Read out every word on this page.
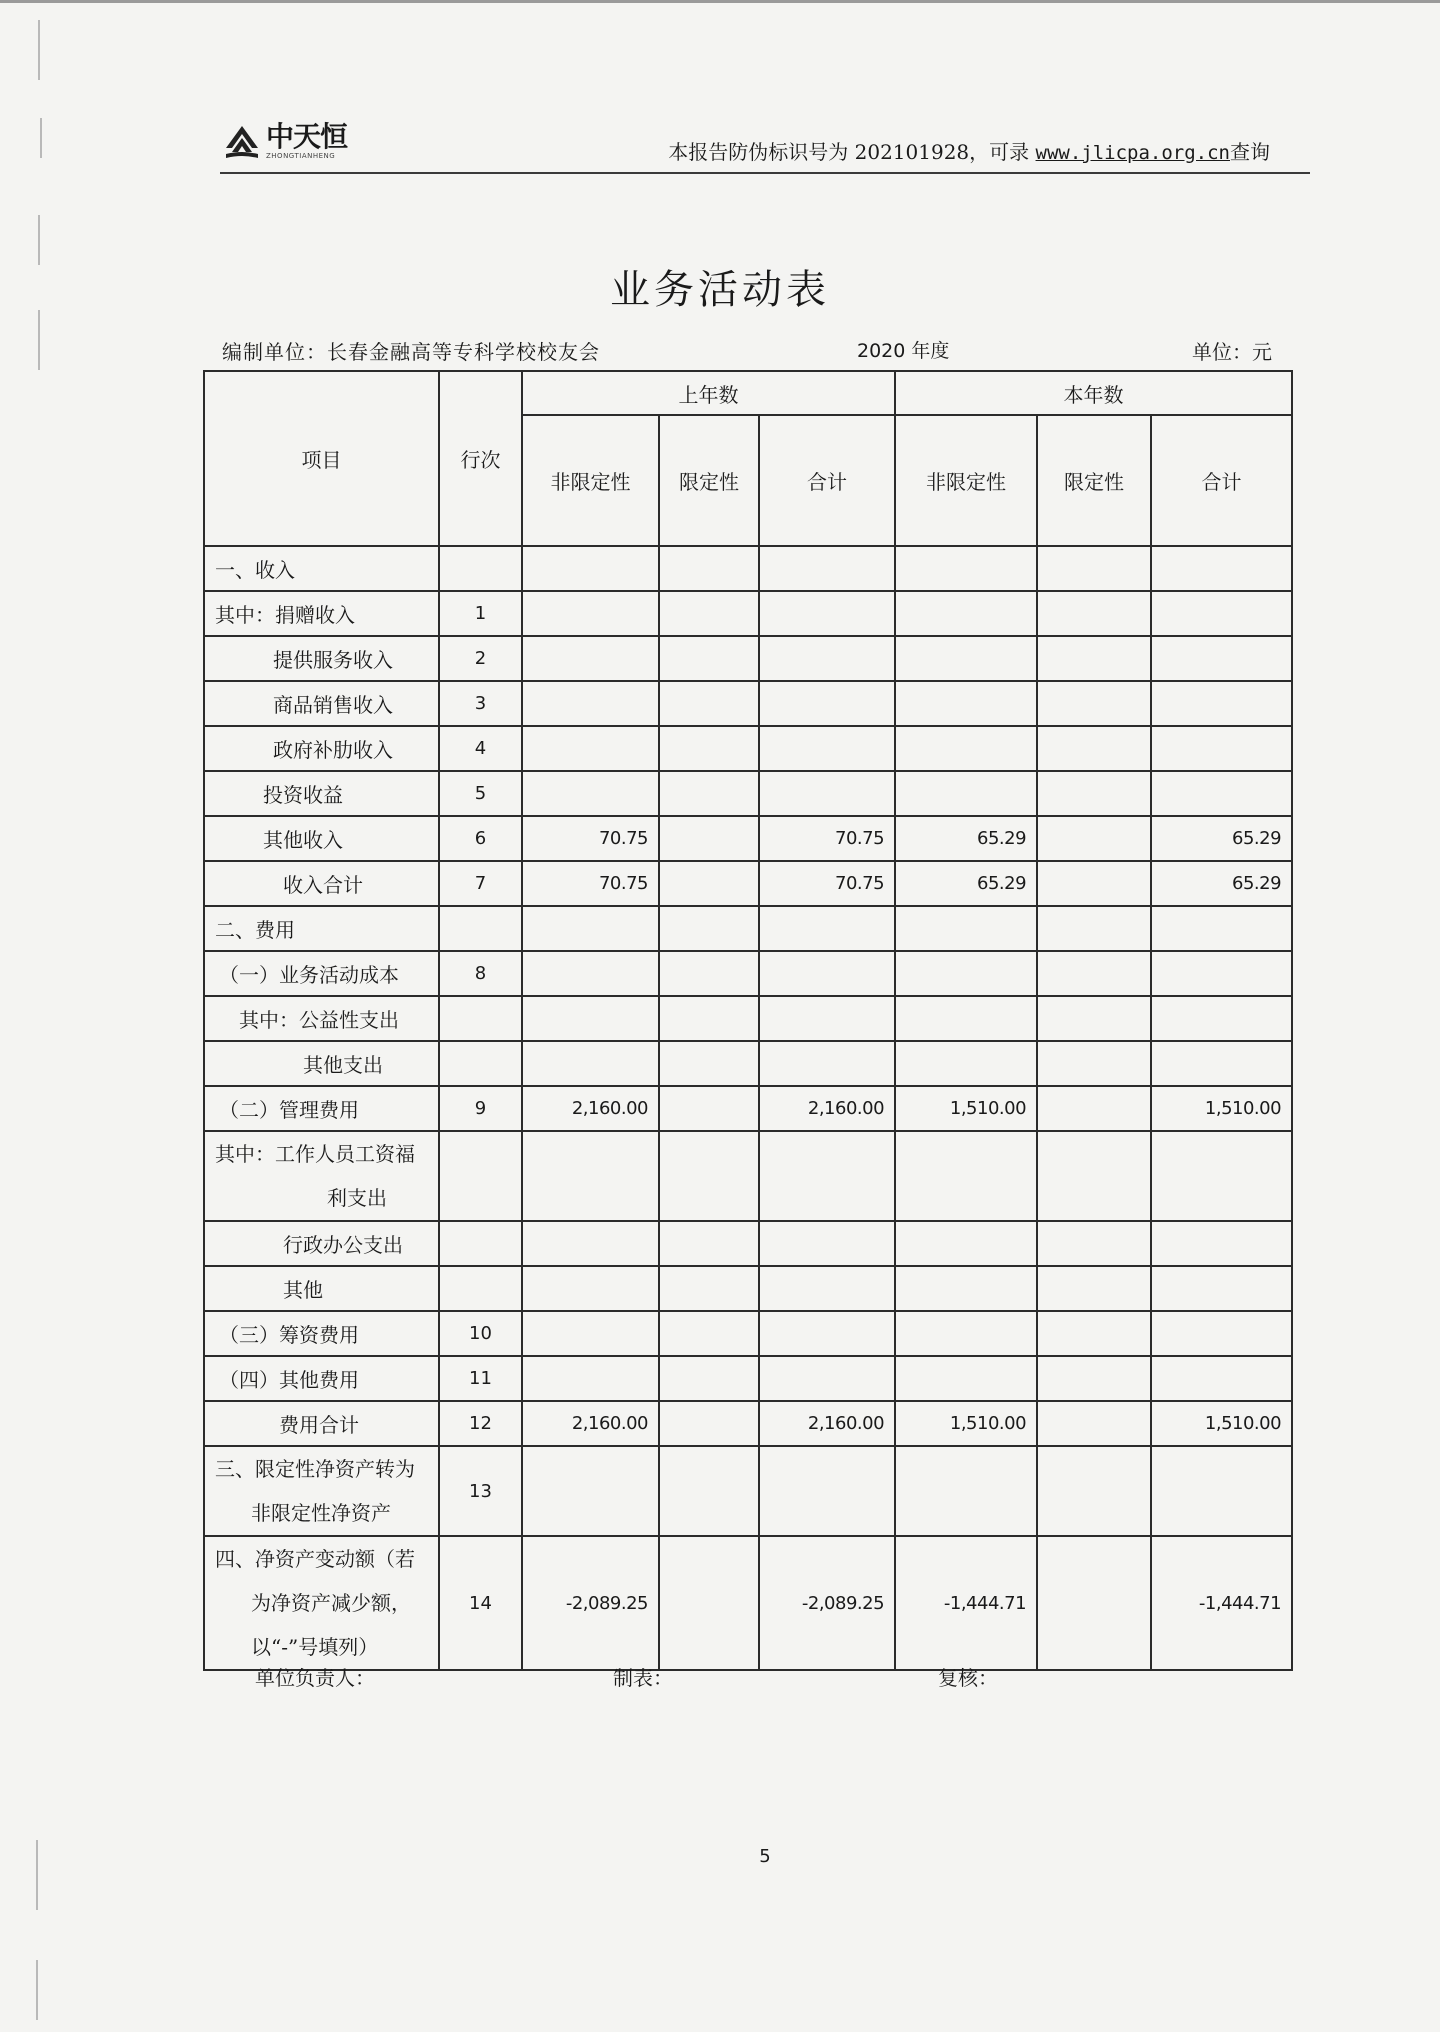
中天恒
ZHONGTIANHENG	本报告防伪标识号为 202101928，可录 www.jlicpa.org.cn查询
业务活动表
编制单位：长春金融高等专科学校校友会	2020 年度	单位：元
项目	行次	上年数			本年数		
		非限定性	限定性	合计	非限定性	限定性	合计
一、收入							
其中：捐赠收入	1						
提供服务收入	2						
商品销售收入	3						
政府补肋收入	4						
投资收益	5						
其他收入	6	70.75		70.75	65.29		65.29
收入合计	7	70.75		70.75	65.29		65.29
二、费用							
（一）业务活动成本	8						
其中：公益性支出							
其他支出							
（二）管理费用	9	2,160.00		2,160.00	1,510.00		1,510.00

其中：工作人员工资福
利支出							

行政办公支出							
其他							
（三）筹资费用	10						
（四）其他费用	11						
费用合计	12	2,160.00		2,160.00	1,510.00		1,510.00

三、限定性净资产转为
非限定性净资产	13						

四、净资产变动额（若
为净资产减少额，
以“-”号填列）	14	-2,089.25		-2,089.25	-1,444.71		-1,444.71
单位负责人：	制表：	复核：
5
